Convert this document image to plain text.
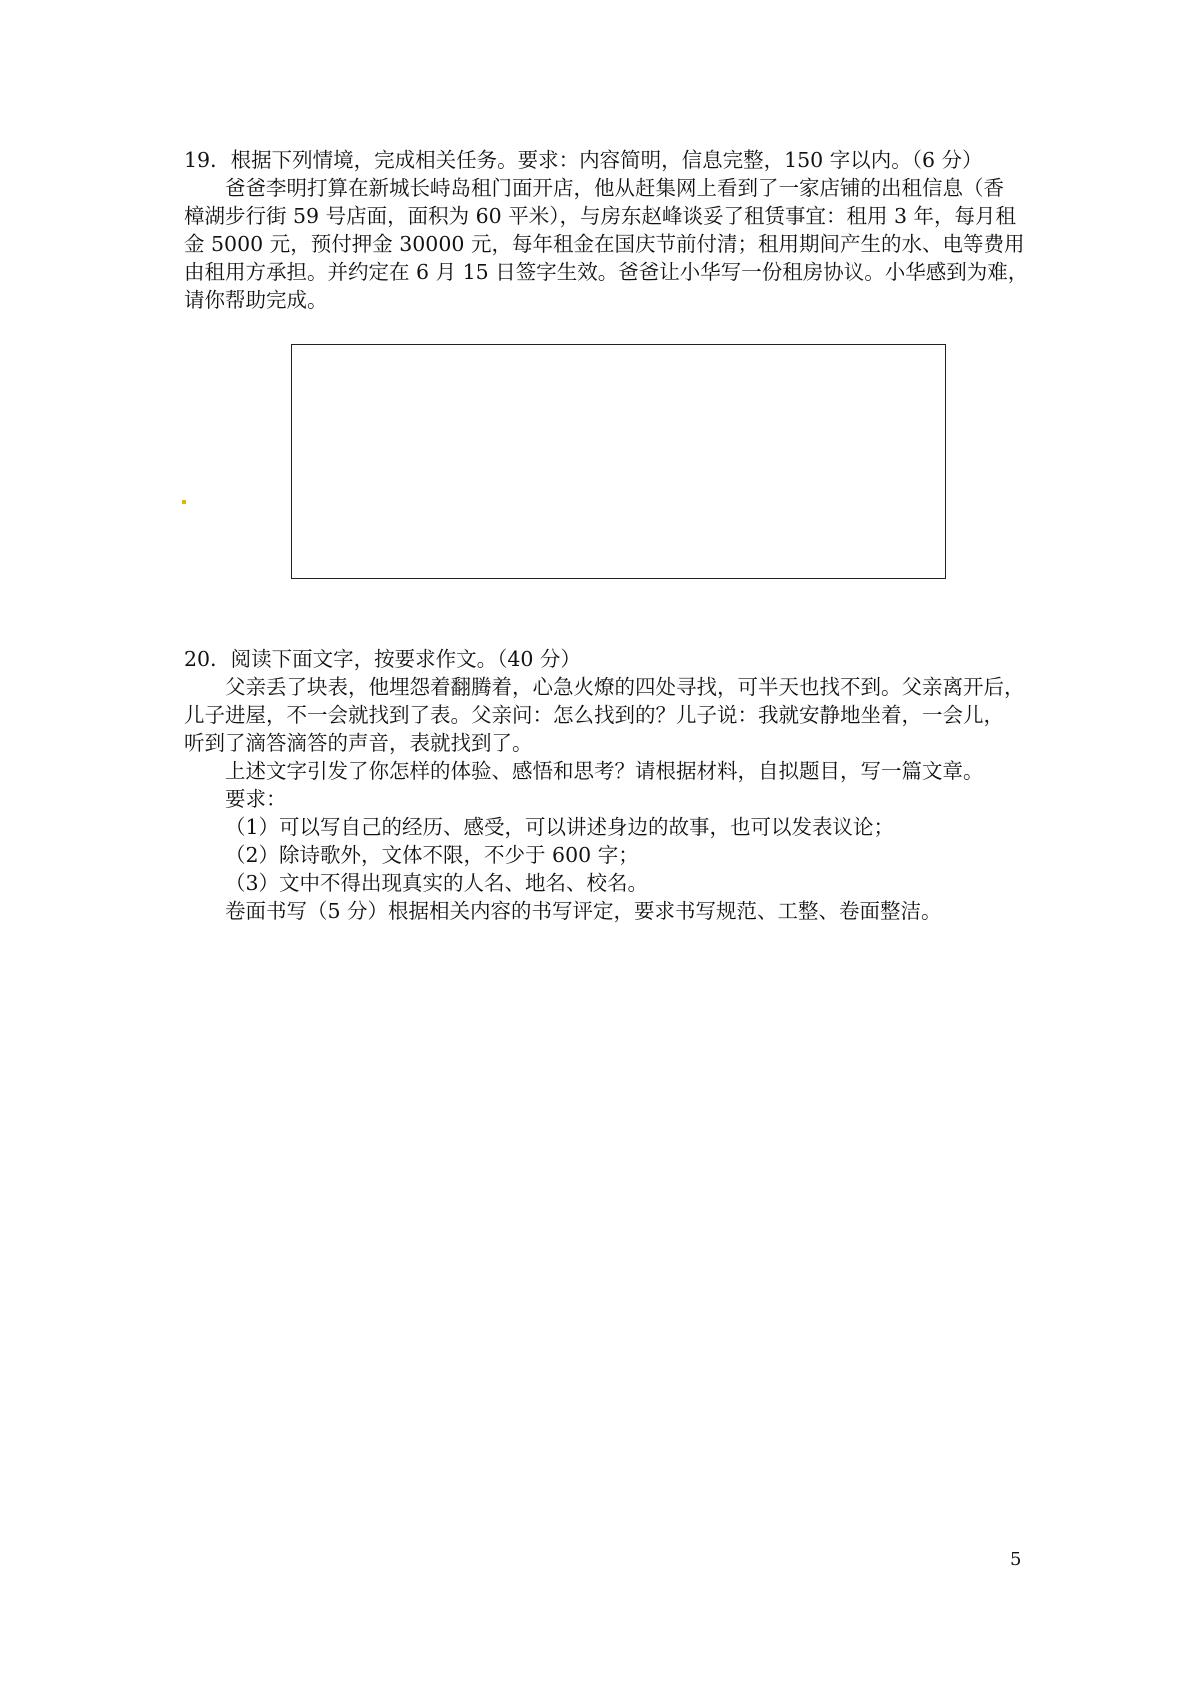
19．根据下列情境，完成相关任务。要求：内容简明，信息完整，150 字以内。（6 分）
爸爸李明打算在新城长峙岛租门面开店，他从赶集网上看到了一家店铺的出租信息（香
樟湖步行街 59 号店面，面积为 60 平米），与房东赵峰谈妥了租赁事宜：租用 3 年，每月租
金 5000 元，预付押金 30000 元，每年租金在国庆节前付清；租用期间产生的水、电等费用
由租用方承担。并约定在 6 月 15 日签字生效。爸爸让小华写一份租房协议。小华感到为难，
请你帮助完成。
20．阅读下面文字，按要求作文。（40 分）
父亲丢了块表，他埋怨着翻腾着，心急火燎的四处寻找，可半天也找不到。父亲离开后，
儿子进屋，不一会就找到了表。父亲问：怎么找到的？儿子说：我就安静地坐着，一会儿，
听到了滴答滴答的声音，表就找到了。
上述文字引发了你怎样的体验、感悟和思考？请根据材料，自拟题目，写一篇文章。
要求：
（1）可以写自己的经历、感受，可以讲述身边的故事，也可以发表议论；
（2）除诗歌外，文体不限，不少于 600 字；
（3）文中不得出现真实的人名、地名、校名。
卷面书写（5 分）根据相关内容的书写评定，要求书写规范、工整、卷面整洁。
5
